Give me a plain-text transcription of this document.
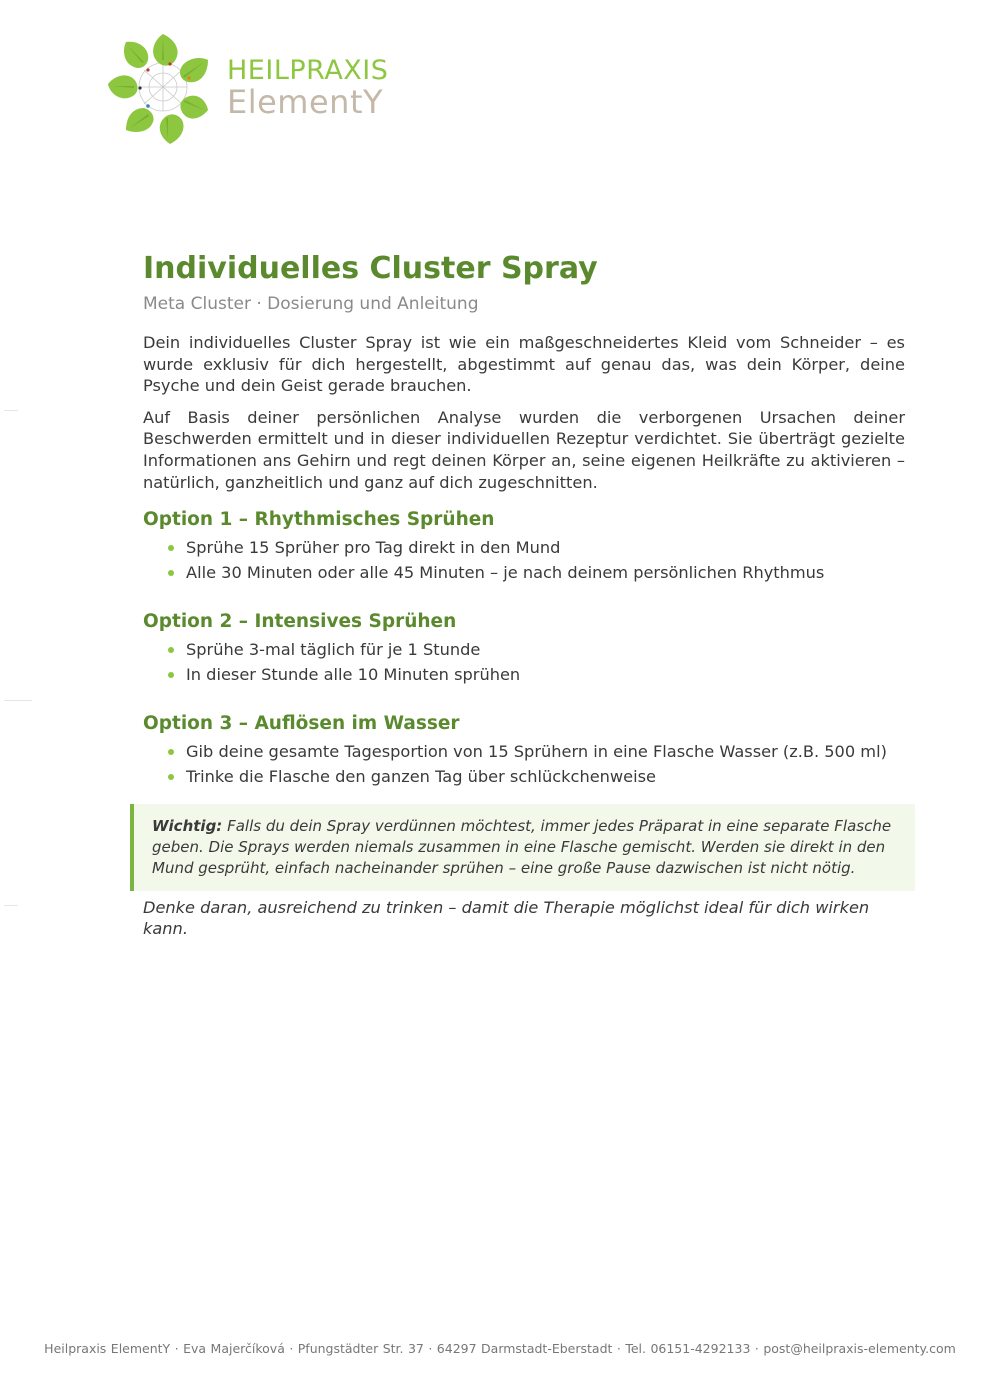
HEILPRAXIS
ElementY
Individuelles Cluster Spray
Meta Cluster · Dosierung und Anleitung

Dein individuelles Cluster Spray ist wie ein maßgeschneidertes Kleid vom Schneider – es wurde exklusiv für dich hergestellt, abgestimmt auf genau das, was dein Körper, deine Psyche und dein Geist gerade brauchen.

Auf Basis deiner persönlichen Analyse wurden die verborgenen Ursachen deiner Beschwerden ermittelt und in dieser individuellen Rezeptur verdichtet. Sie überträgt gezielte Informationen ans Gehirn und regt deinen Körper an, seine eigenen Heilkräfte zu aktivieren – natürlich, ganzheitlich und ganz auf dich zugeschnitten.

Option 1 – Rhythmisches Sprühen
Sprühe 15 Sprüher pro Tag direkt in den Mund
Alle 30 Minuten oder alle 45 Minuten – je nach deinem persönlichen Rhythmus
Option 2 – Intensives Sprühen
Sprühe 3-mal täglich für je 1 Stunde
In dieser Stunde alle 10 Minuten sprühen
Option 3 – Auflösen im Wasser
Gib deine gesamte Tagesportion von 15 Sprühern in eine Flasche Wasser (z.B. 500 ml)
Trinke die Flasche den ganzen Tag über schlückchenweise
Wichtig: Falls du dein Spray verdünnen möchtest, immer jedes Präparat in eine separate Flasche geben. Die Sprays werden niemals zusammen in eine Flasche gemischt. Werden sie direkt in den Mund gesprüht, einfach nacheinander sprühen – eine große Pause dazwischen ist nicht nötig.

Denke daran, ausreichend zu trinken – damit die Therapie möglichst ideal für dich wirken kann.

Heilpraxis ElementY · Eva Majerčíková · Pfungstädter Str. 37 · 64297 Darmstadt-Eberstadt · Tel. 06151-4292133 · post@heilpraxis-elementy.com
